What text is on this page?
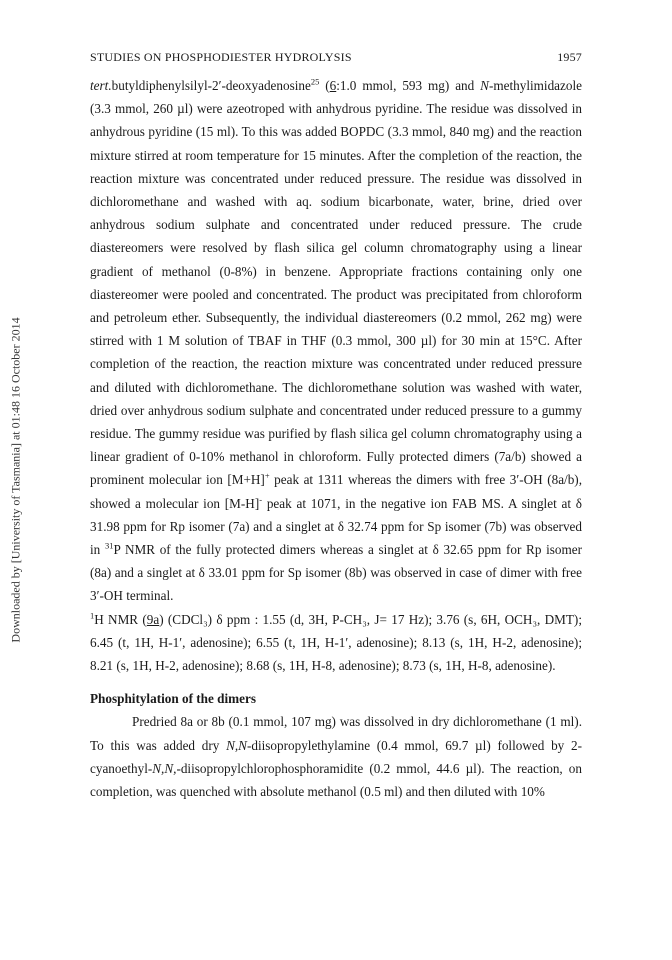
STUDIES ON PHOSPHODIESTER HYDROLYSIS	1957
Downloaded by [University of Tasmania] at 01:48 16 October 2014

tert.butyldiphenylsilyl-2′-deoxyadenosine$^{25}$ (6:1.0 mmol, 593 mg) and N-methylimidazole (3.3 mmol, 260 µl) were azeotroped with anhydrous pyridine. The residue was dissolved in anhydrous pyridine (15 ml). To this was added BOPDC (3.3 mmol, 840 mg) and the reaction mixture stirred at room temperature for 15 minutes. After the completion of the reaction, the reaction mixture was concentrated under reduced pressure. The residue was dissolved in dichloromethane and washed with aq. sodium bicarbonate, water, brine, dried over anhydrous sodium sulphate and concentrated under reduced pressure. The crude diastereomers were resolved by flash silica gel column chromatography using a linear gradient of methanol (0-8%) in benzene. Appropriate fractions containing only one diastereomer were pooled and concentrated. The product was precipitated from chloroform and petroleum ether. Subsequently, the individual diastereomers (0.2 mmol, 262 mg) were stirred with 1 M solution of TBAF in THF (0.3 mmol, 300 µl) for 30 min at 15°C. After completion of the reaction, the reaction mixture was concentrated under reduced pressure and diluted with dichloromethane. The dichloromethane solution was washed with water, dried over anhydrous sodium sulphate and concentrated under reduced pressure to a gummy residue. The gummy residue was purified by flash silica gel column chromatography using a linear gradient of 0-10% methanol in chloroform. Fully protected dimers (7a/b) showed a prominent molecular ion [M+H]+ peak at 1311 whereas the dimers with free 3′-OH (8a/b), showed a molecular ion [M-H]- peak at 1071, in the negative ion FAB MS. A singlet at δ 31.98 ppm for Rp isomer (7a) and a singlet at δ 32.74 ppm for Sp isomer (7b) was observed in $^{31}$P NMR of the fully protected dimers whereas a singlet at δ 32.65 ppm for Rp isomer (8a) and a singlet at δ 33.01 ppm for Sp isomer (8b) was observed in case of dimer with free 3′-OH terminal.

$^1$H NMR (9a) (CDCl₃) δ ppm : 1.55 (d, 3H, P-CH₃, J= 17 Hz); 3.76 (s, 6H, OCH₃, DMT); 6.45 (t, 1H, H-1′, adenosine); 6.55 (t, 1H, H-1′, adenosine); 8.13 (s, 1H, H-2, adenosine); 8.21 (s, 1H, H-2, adenosine); 8.68 (s, 1H, H-8, adenosine); 8.73 (s, 1H, H-8, adenosine).

Phosphitylation of the dimers

Predried 8a or 8b (0.1 mmol, 107 mg) was dissolved in dry dichloromethane (1 ml). To this was added dry N,N-diisopropylethylamine (0.4 mmol, 69.7 µl) followed by 2-cyanoethyl-N,N,-diisopropylchlorophosphoramidite (0.2 mmol, 44.6 µl). The reaction, on completion, was quenched with absolute methanol (0.5 ml) and then diluted with 10%
